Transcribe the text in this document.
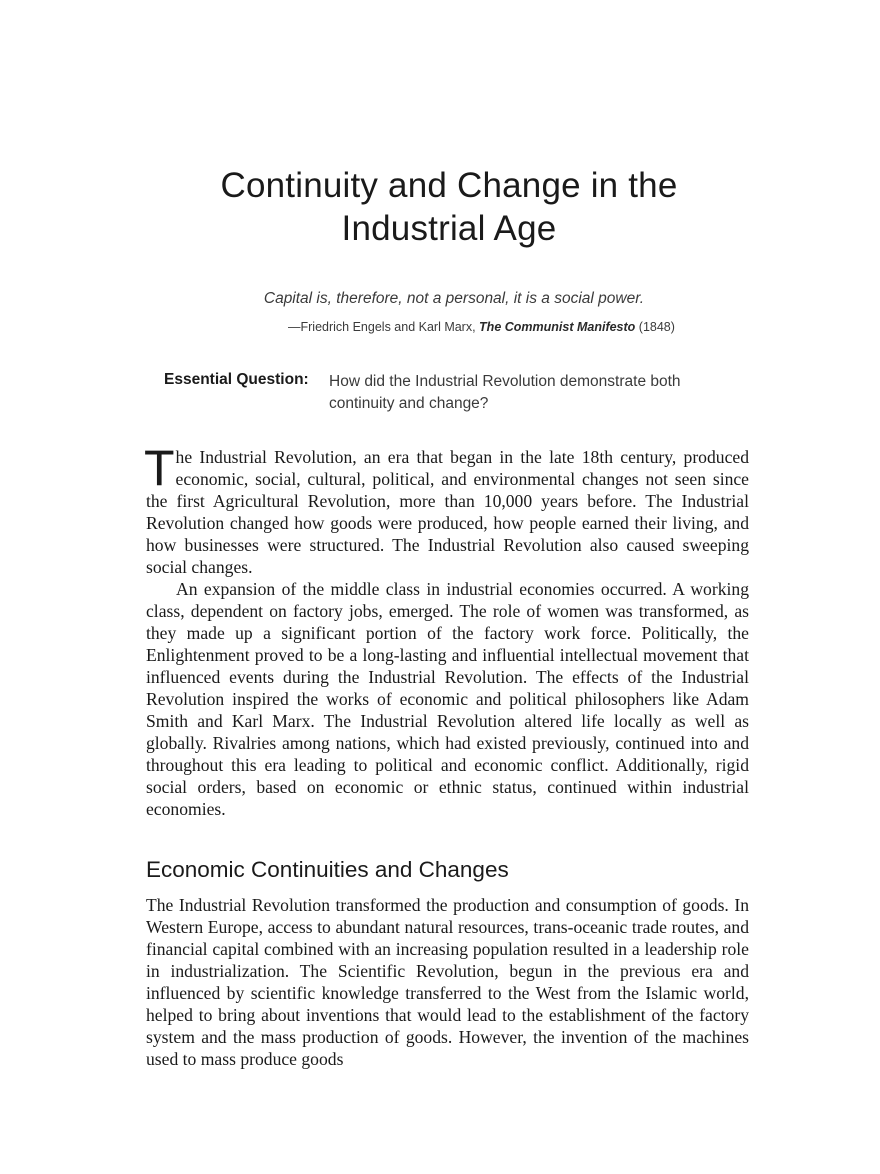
Continuity and Change in the
Industrial Age
Capital is, therefore, not a personal, it is a social power.
—Friedrich Engels and Karl Marx, The Communist Manifesto (1848)
Essential Question: How did the Industrial Revolution demonstrate both continuity and change?

The Industrial Revolution, an era that began in the late 18th century, produced economic, social, cultural, political, and environmental changes not seen since the first Agricultural Revolution, more than 10,000 years before. The Industrial Revolution changed how goods were produced, how people earned their living, and how businesses were structured. The Industrial Revolution also caused sweeping social changes.

An expansion of the middle class in industrial economies occurred. A working class, dependent on factory jobs, emerged. The role of women was transformed, as they made up a significant portion of the factory work force. Politically, the Enlightenment proved to be a long-lasting and influential intellectual movement that influenced events during the Industrial Revolution. The effects of the Industrial Revolution inspired the works of economic and political philosophers like Adam Smith and Karl Marx. The Industrial Revolution altered life locally as well as globally. Rivalries among nations, which had existed previously, continued into and throughout this era leading to political and economic conflict. Additionally, rigid social orders, based on economic or ethnic status, continued within industrial economies.

Economic Continuities and Changes

The Industrial Revolution transformed the production and consumption of goods. In Western Europe, access to abundant natural resources, trans-oceanic trade routes, and financial capital combined with an increasing population resulted in a leadership role in industrialization. The Scientific Revolution, begun in the previous era and influenced by scientific knowledge transferred to the West from the Islamic world, helped to bring about inventions that would lead to the establishment of the factory system and the mass production of goods. However, the invention of the machines used to mass produce goods
